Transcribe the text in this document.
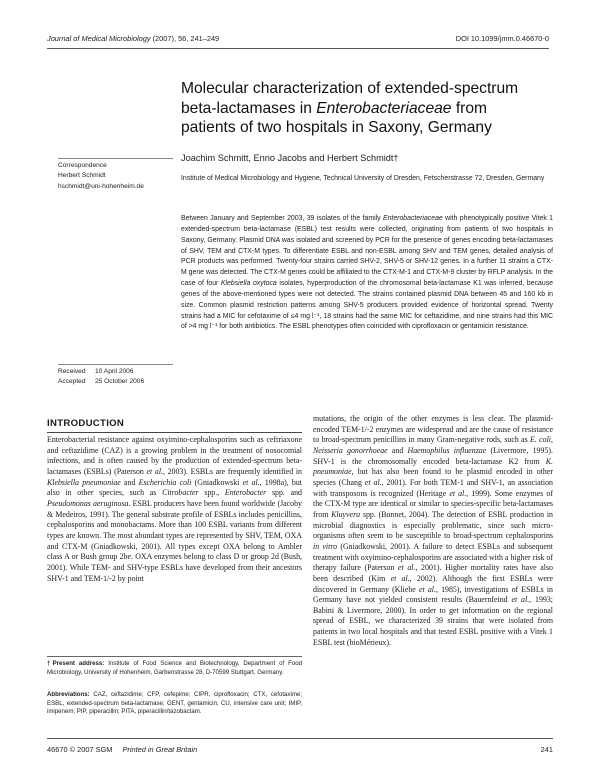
Journal of Medical Microbiology (2007), 56, 241–249	DOI 10.1099/jmm.0.46670-0
Molecular characterization of extended-spectrum
beta-lactamases in Enterobacteriaceae from
patients of two hospitals in Saxony, Germany
Joachim Schmitt, Enno Jacobs and Herbert Schmidt†
Institute of Medical Microbiology and Hygiene, Technical University of Dresden, Fetscherstrasse 72, Dresden, Germany
Correspondence
Herbert Schmidt
hschmidt@uni-hohenheim.de

Between January and September 2003, 39 isolates of the family Enterobacteriaceae with phenotypically positive Vitek 1 extended-spectrum beta-lactamase (ESBL) test results were collected, originating from patients of two hospitals in Saxony, Germany. Plasmid DNA was isolated and screened by PCR for the presence of genes encoding beta-lactamases of SHV, TEM and CTX-M types. To differentiate ESBL and non-ESBL among SHV and TEM genes, detailed analysis of PCR products was performed. Twenty-four strains carried SHV-2, SHV-5 or SHV-12 genes. In a further 11 strains a CTX-M gene was detected. The CTX-M genes could be affiliated to the CTX-M-1 and CTX-M-9 cluster by RFLP analysis. In the case of four Klebsiella oxytoca isolates, hyperproduction of the chromosomal beta-lactamase K1 was inferred, because genes of the above-mentioned types were not detected. The strains contained plasmid DNA between 45 and 160 kb in size. Common plasmid restriction patterns among SHV-5 producers provided evidence of horizontal spread. Twenty strains had a MIC for cefotaxime of ≤4 mg l⁻¹, 18 strains had the same MIC for ceftazidime, and nine strains had this MIC of >4 mg l⁻¹ for both antibiotics. The ESBL phenotypes often coincided with ciprofloxacin or gentamicin resistance.

Received	10 April 2006
Accepted	25 October 2006
INTRODUCTION

Enterobacterial resistance against oxyimino-cephalosporins such as ceftriaxone and ceftazidime (CAZ) is a growing problem in the treatment of nosocomial infections, and is often caused by the production of extended-spectrum beta-lactamases (ESBLs) (Paterson et al., 2003). ESBLs are frequently identified in Klebsiella pneumoniae and Escherichia coli (Gniadkowski et al., 1998a), but also in other species, such as Citrobacter spp., Enterobacter spp. and Pseudomonas aeruginosa. ESBL producers have been found worldwide (Jacoby & Medeiros, 1991). The general substrate profile of ESBLs includes penicillins, cephalosporins and monobactams. More than 100 ESBL variants from different types are known. The most abundant types are represented by SHV, TEM, OXA and CTX-M (Gniadkowski, 2001). All types except OXA belong to Ambler class A or Bush group 2be. OXA enzymes belong to class D or group 2d (Bush, 2001). While TEM- and SHV-type ESBLs have developed from their ancestors SHV-1 and TEM-1/-2 by point

mutations, the origin of the other enzymes is less clear. The plasmid-encoded TEM-1/-2 enzymes are widespread and are the cause of resistance to broad-spectrum penicillins in many Gram-negative rods, such as E. coli, Neisseria gonorrhoeae and Haemophilus influenzae (Livermore, 1995). SHV-1 is the chromosomally encoded beta-lactamase K2 from K. pneumoniae, but has also been found to be plasmid encoded in other species (Chang et al., 2001). For both TEM-1 and SHV-1, an association with transposons is recognized (Heritage et al., 1999). Some enzymes of the CTX-M type are identical or similar to species-specific beta-lactamases from Kluyvera spp. (Bonnet, 2004). The detection of ESBL production in microbial diagnostics is especially problematic, since such micro-organisms often seem to be susceptible to broad-spectrum cephalosporins in vitro (Gniadkowski, 2001). A failure to detect ESBLs and subsequent treatment with oxyimino-cephalosporins are associated with a higher risk of therapy failure (Paterson et al., 2001). Higher mortality rates have also been described (Kim et al., 2002). Although the first ESBLs were discovered in Germany (Kliebe et al., 1985), investigations of ESBLs in Germany have not yielded consistent results (Bauernfeind et al., 1993; Babini & Livermore, 2000). In order to get information on the regional spread of ESBL, we characterized 39 strains that were isolated from patients in two local hospitals and that tested ESBL positive with a Vitek 1 ESBL test (bioMérieux).

†Present address: Institute of Food Science and Biotechnology, Department of Food Microbiology, University of Hohenheim, Garbenstrasse 28, D-70599 Stuttgart, Germany.

Abbreviations: CAZ, ceftazidime; CFP, cefepime; CIPR, ciprofloxacin; CTX, cefotaxime; ESBL, extended-spectrum beta-lactamase; GENT, gentamicin; CU, intensive care unit; IMIP, imipenem; PIP, piperacillin; PITA, piperacillin/tazobactam.

46670 © 2007 SGM Printed in Great Britain	241
